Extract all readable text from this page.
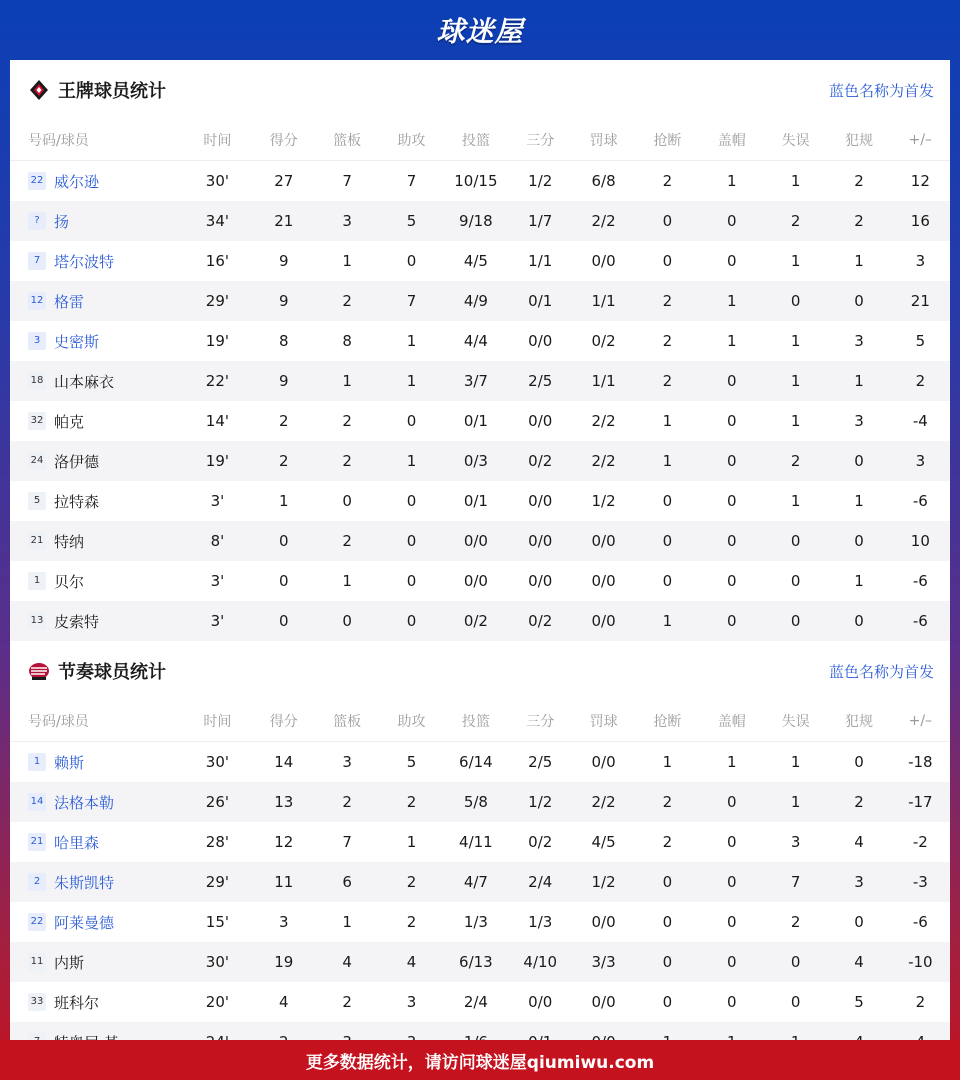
球迷屋
王牌球员统计	蓝色名称为首发
号码/球员	时间	得分	篮板	助攻	投篮	三分	罚球	抢断	盖帽	失误	犯规	+/–

22 威尔逊	30'	27	7	7	10/15	1/2	6/8	2	1	1	2	12

? 扬	34'	21	3	5	9/18	1/7	2/2	0	0	2	2	16

7 塔尔波特	16'	9	1	0	4/5	1/1	0/0	0	0	1	1	3

12 格雷	29'	9	2	7	4/9	0/1	1/1	2	1	0	0	21

3 史密斯	19'	8	8	1	4/4	0/0	0/2	2	1	1	3	5

18 山本麻衣	22'	9	1	1	3/7	2/5	1/1	2	0	1	1	2

32 帕克	14'	2	2	0	0/1	0/0	2/2	1	0	1	3	-4

24 洛伊德	19'	2	2	1	0/3	0/2	2/2	1	0	2	0	3

5 拉特森	3'	1	0	0	0/1	0/0	1/2	0	0	1	1	-6

21 特纳	8'	0	2	0	0/0	0/0	0/0	0	0	0	0	10

1 贝尔	3'	0	1	0	0/0	0/0	0/0	0	0	0	1	-6

13 皮索特	3'	0	0	0	0/2	0/2	0/0	1	0	0	0	-6
节奏球员统计	蓝色名称为首发
号码/球员	时间	得分	篮板	助攻	投篮	三分	罚球	抢断	盖帽	失误	犯规	+/–

1 赖斯	30'	14	3	5	6/14	2/5	0/0	1	1	1	0	-18

14 法格本勒	26'	13	2	2	5/8	1/2	2/2	2	0	1	2	-17

21 哈里森	28'	12	7	1	4/11	0/2	4/5	2	0	3	4	-2

2 朱斯凯特	29'	11	6	2	4/7	2/4	1/2	0	0	7	3	-3

22 阿莱曼德	15'	3	1	2	1/3	1/3	0/0	0	0	2	0	-6

11 内斯	30'	19	4	4	6/13	4/10	3/3	0	0	0	4	-10

33 班科尔	20'	4	2	3	2/4	0/0	0/0	0	0	0	5	2

更多数据统计，请访问球迷屋qiumiwu.com
